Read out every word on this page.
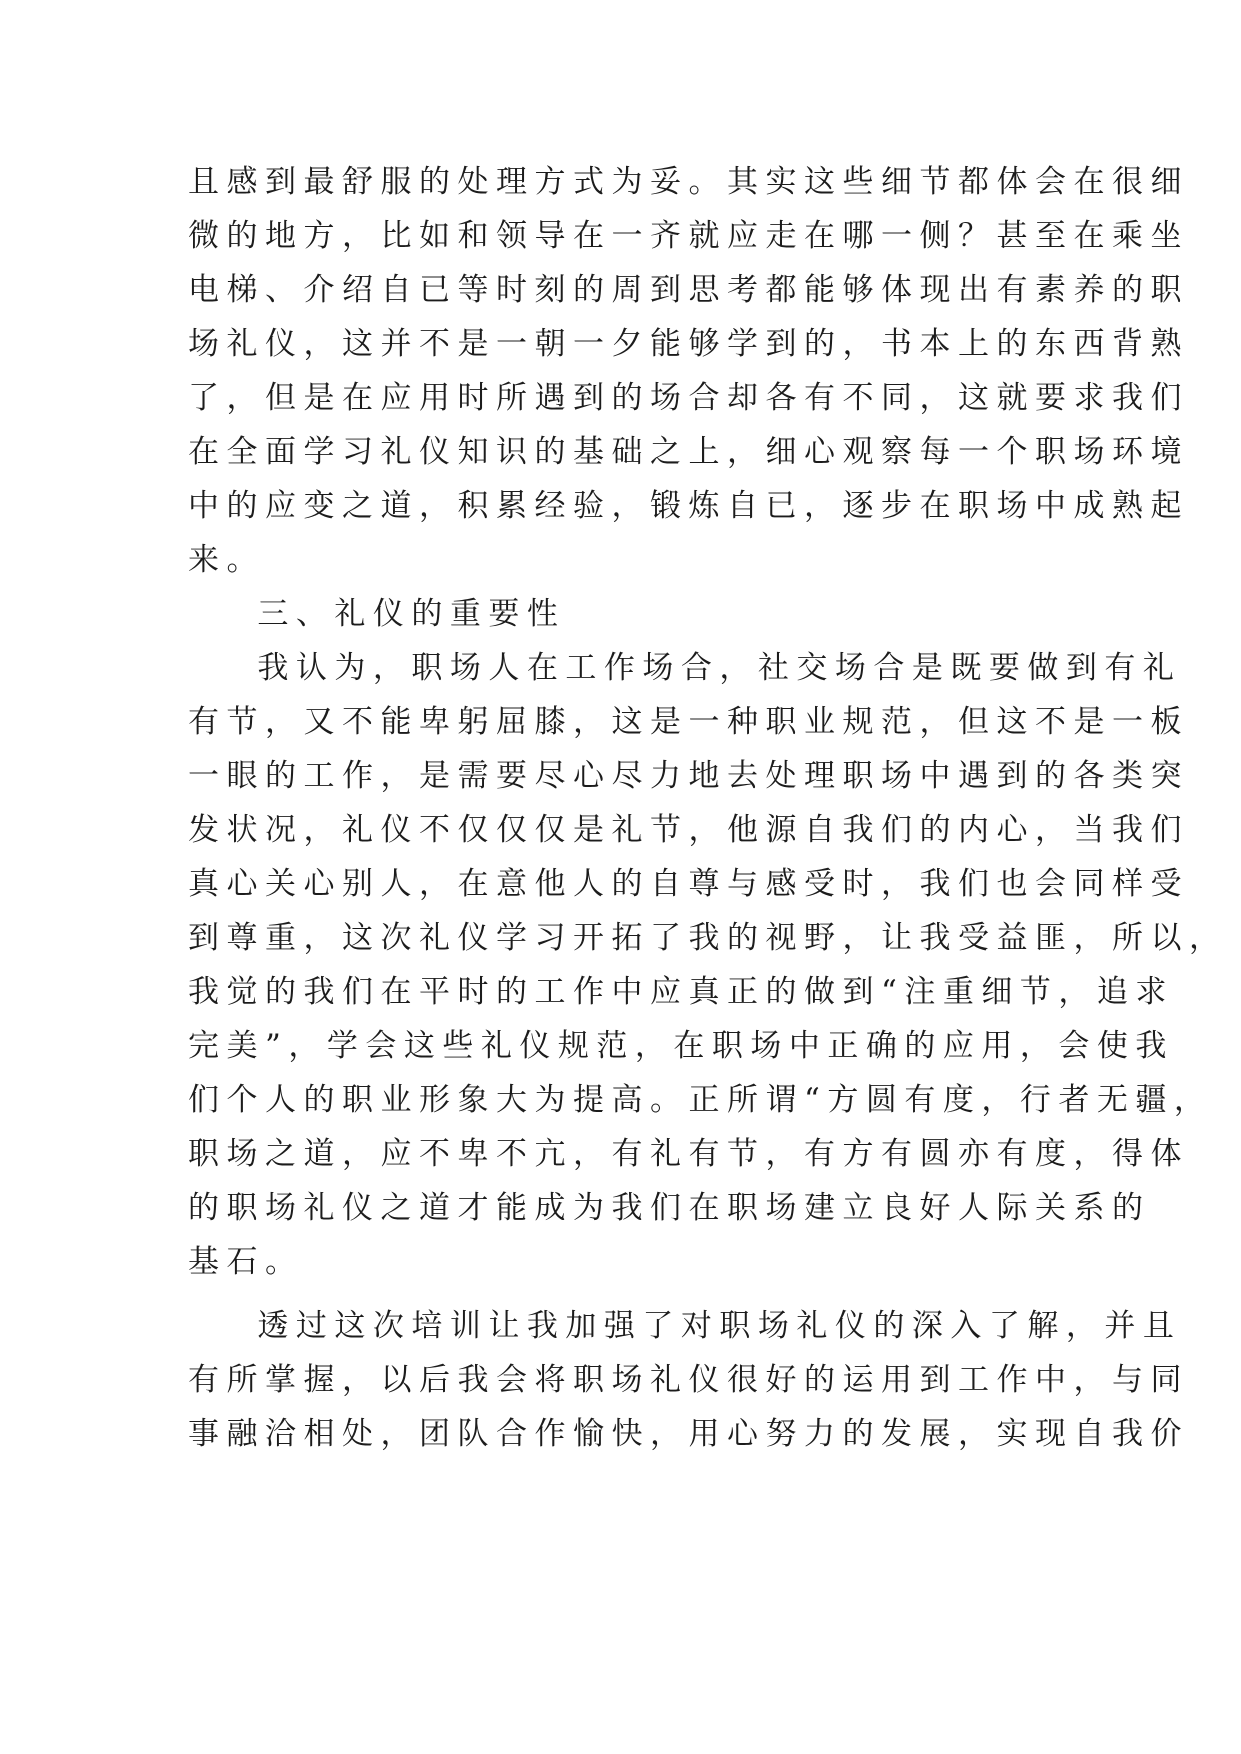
且感到最舒服的处理方式为妥。其实这些细节都体会在很细
微的地方，比如和领导在一齐就应走在哪一侧？甚至在乘坐
电梯、介绍自已等时刻的周到思考都能够体现出有素养的职
场礼仪，这并不是一朝一夕能够学到的，书本上的东西背熟
了，但是在应用时所遇到的场合却各有不同，这就要求我们
在全面学习礼仪知识的基础之上，细心观察每一个职场环境
中的应变之道，积累经验，锻炼自已，逐步在职场中成熟起
来。
三、礼仪的重要性
我认为，职场人在工作场合，社交场合是既要做到有礼
有节，又不能卑躬屈膝，这是一种职业规范，但这不是一板
一眼的工作，是需要尽心尽力地去处理职场中遇到的各类突
发状况，礼仪不仅仅仅是礼节，他源自我们的内心，当我们
真心关心别人，在意他人的自尊与感受时，我们也会同样受
到尊重，这次礼仪学习开拓了我的视野，让我受益匪，所以，
我觉的我们在平时的工作中应真正的做到“注重细节，追求
完美”，学会这些礼仪规范，在职场中正确的应用，会使我
们个人的职业形象大为提高。正所谓“方圆有度，行者无疆，
职场之道，应不卑不亢，有礼有节，有方有圆亦有度，得体
的职场礼仪之道才能成为我们在职场建立良好人际关系的
基石。
透过这次培训让我加强了对职场礼仪的深入了解，并且
有所掌握，以后我会将职场礼仪很好的运用到工作中，与同
事融洽相处，团队合作愉快，用心努力的发展，实现自我价
